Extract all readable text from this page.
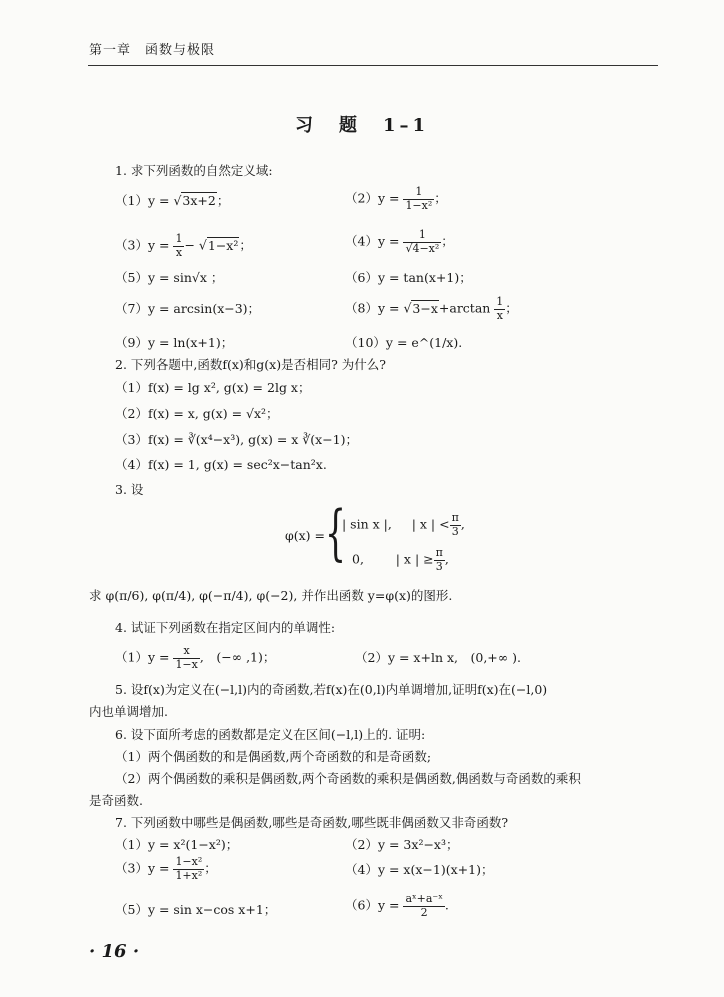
第一章　函数与极限
习　题　1–1
1. 求下列函数的自然定义域:
（1）y = √3x+2；	$(2)y = \frac{1}{\text{1−x²}}$ ；
$(3)y = \frac{1}{x} - √1-x^2$；	$(4)y = \frac{1}{\text{√4−x²}}$ ；
（5）y = sin√x ；	（6）y = tan(x+1)；
（7）y = arcsin(x−3)；	$(8)y = √3-x+\arctan \frac{1}{x}$ ；
（9）y = ln(x+1)；	（10）y = e^(1/x).
2. 下列各题中,函数f(x)和g(x)是否相同? 为什么?
（1）f(x) = lg x², g(x) = 2lg x；
（2）f(x) = x, g(x) = √x²；
（3）f(x) = ∛(x⁴−x³), g(x) = x ∛(x−1)；
（4）f(x) = 1, g(x) = sec²x−tan²x.
3. 设
φ(x) = {
| sin x |, | x | < $\frac{\pi}{3}$ ,
0,	| x | ≥ $\frac{\pi}{3}$ ,
求 φ(π/6), φ(π/4), φ(−π/4), φ(−2), 并作出函数 y=φ(x)的图形.
4. 试证下列函数在指定区间内的单调性:
$(1)y = \frac{x}{1-x}$ ,　(−∞ ,1)；	（2）y = x+ln x,　(0,+∞ ).
5. 设f(x)为定义在(−l,l)内的奇函数,若f(x)在(0,l)内单调增加,证明f(x)在(−l,0)
内也单调增加.
6. 设下面所考虑的函数都是定义在区间(−l,l)上的. 证明:
（1）两个偶函数的和是偶函数,两个奇函数的和是奇函数;
（2）两个偶函数的乘积是偶函数,两个奇函数的乘积是偶函数,偶函数与奇函数的乘积
是奇函数.
7. 下列函数中哪些是偶函数,哪些是奇函数,哪些既非偶函数又非奇函数?
（1）y = x²(1−x²)；	（2）y = 3x²−x³；
$(3)y = \frac{\text{1−x²}}{\text{1+x²}}$ ；	（4）y = x(x−1)(x+1)；
（5）y = sin x−cos x+1；	$(6)y = \frac{\text{aˣ+a⁻ˣ}}{2}$ .
· 16 ·
